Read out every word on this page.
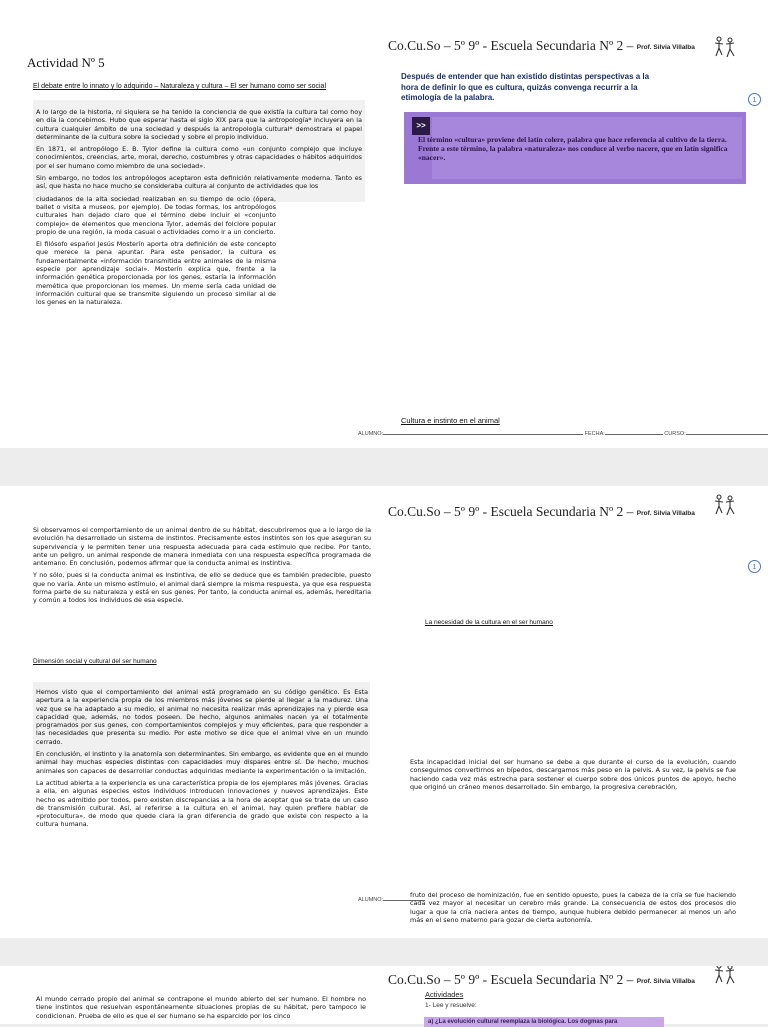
Co.Cu.So – 5º 9º - Escuela Secundaria Nº 2 – Prof. Silvia Villalba
1
Actividad Nº 5
El debate entre lo innato y lo adquirido – Naturaleza y cultura – El ser humano como ser social

A lo largo de la historia, ni siquiera se ha tenido la conciencia de que existía la cultura tal como hoy en día la concebimos. Hubo que esperar hasta el siglo XIX para que la antropología* incluyera en la cultura cualquier ámbito de una sociedad y después la antropología cultural* demostrara el papel determinante de la cultura sobre la sociedad y sobre el propio individuo.

En 1871, el antropólogo E. B. Tylor define la cultura como «un conjunto complejo que incluye conocimientos, creencias, arte, moral, derecho, costumbres y otras capacidades o hábitos adquiridos por el ser humano como miembro de una sociedad».

Sin embargo, no todos los antropólogos aceptaron esta definición relativamente moderna. Tanto es así, que hasta no hace mucho se consideraba cultura al conjunto de actividades que los

ciudadanos de la alta sociedad realizaban en su tiempo de ocio (ópera, ballet o visita a museos, por ejemplo). De todas formas, los antropólogos culturales han dejado claro que el término debe incluir el «conjunto complejo» de elementos que menciona Tylor, además del folclore popular propio de una región, la moda casual o actividades como ir a un concierto.

El filósofo español Jesús Mosterín aporta otra definición de este concepto que merece la pena apuntar. Para este pensador, la cultura es fundamentalmente «información transmitida entre animales de la misma especie por aprendizaje social». Mosterín explica que, frente a la información genética proporcionada por los genes, estaría la información memética que proporcionan los memes. Un meme sería cada unidad de información cultural que se transmite siguiendo un proceso similar al de los genes en la naturaleza.

Después de entender que han existido distintas perspectivas a la hora de definir lo que es cultura, quizás convenga recurrir a la etimología de la palabra.
>>
El término «cultura» proviene del latín colere, palabra que hace referencia al cultivo de la tierra. Frente a este término, la palabra «naturaleza» nos conduce al verbo nacere, que en latín significa «nacer».
Cultura e instinto en el animal
ALUMNO:	FECHA:	CURSO:
Co.Cu.So – 5º 9º - Escuela Secundaria Nº 2 – Prof. Silvia Villalba
1

Si observamos el comportamiento de un animal dentro de su hábitat, descubriremos que a lo largo de la evolución ha desarrollado un sistema de instintos. Precisamente estos instintos son los que aseguran su supervivencia y le permiten tener una respuesta adecuada para cada estímulo que recibe. Por tanto, ante un peligro, un animal responde de manera inmediata con una respuesta específica programada de antemano. En conclusión, podemos afirmar que la conducta animal es instintiva.

Y no sólo, pues si la conducta animal es instintiva, de ello se deduce que es también predecible, puesto que no varía. Ante un mismo estímulo, el animal dará siempre la misma respuesta, ya que esa respuesta forma parte de su naturaleza y está en sus genes. Por tanto, la conducta animal es, además, hereditaria y común a todos los individuos de esa especie.

Dimensión social y cultural del ser humano

Hemos visto que el comportamiento del animal está programado en su código genético. Es Esta apertura a la experiencia propia de los miembros más jóvenes se pierde al llegar a la madurez. Una vez que se ha adaptado a su medio, el animal no necesita realizar más aprendizajes na y pierde esa capacidad que, además, no todos poseen. De hecho, algunos animales nacen ya el totalmente programados por sus genes, con comportamientos complejos y muy eficientes, para que responder a las necesidades que presenta su medio. Por este motivo se dice que el animal vive en un mundo cerrado.

En conclusión, el instinto y la anatomía son determinantes. Sin embargo, es evidente que en el mundo animal hay muchas especies distintas con capacidades muy dispares entre sí. De hecho, muchos animales son capaces de desarrollar conductas adquiridas mediante la experimentación o la imitación.

La actitud abierta a la experiencia es una característica propia de los ejemplares más jóvenes. Gracias a ella, en algunas especies estos individuos introducen innovaciones y nuevos aprendizajes. Este hecho es admitido por todos, pero existen discrepancias a la hora de aceptar que se trata de un caso de transmisión cultural. Así, al referirse a la cultura en el animal, hay quien prefiere hablar de «protocultura», de modo que quede clara la gran diferencia de grado que existe con respecto a la cultura humana.

La necesidad de la cultura en el ser humano

Esta incapacidad inicial del ser humano se debe a que durante el curso de la evolución, cuando conseguimos convertirnos en bípedos, descargamos más peso en la pelvis. A su vez, la pelvis se fue haciendo cada vez más estrecha para sostener el cuerpo sobre dos únicos puntos de apoyo, hecho que originó un cráneo menos desarrollado. Sin embargo, la progresiva cerebración,

ALUMNO:

fruto del proceso de hominización, fue en sentido opuesto, pues la cabeza de la cría se fue haciendo cada vez mayor al necesitar un cerebro más grande. La consecuencia de estos dos procesos dio lugar a que la cría naciera antes de tiempo, aunque hubiera debido permanecer al menos un año más en el seno materno para gozar de cierta autonomía.

Co.Cu.So – 5º 9º - Escuela Secundaria Nº 2 – Prof. Silvia Villalba

Al mundo cerrado propio del animal se contrapone el mundo abierto del ser humano. El hombre no tiene instintos que resuelvan espontáneamente situaciones propias de su hábitat, pero tampoco le condicionan. Prueba de ello es que el ser humano se ha esparcido por los cinco

Actividades
1- Lee y resuelve:
a) ¿La evolución cultural reemplaza la biológica. Los dogmas para
